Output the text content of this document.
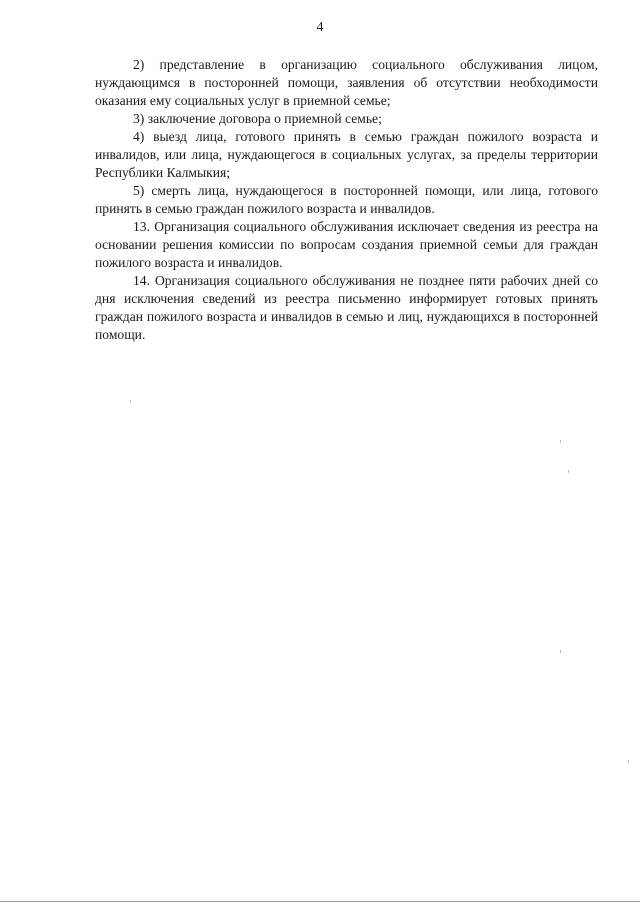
4

2) представление в организацию социального обслуживания лицом, нуждающимся в посторонней помощи, заявления об отсутствии необходимости оказания ему социальных услуг в приемной семье;

3) заключение договора о приемной семье;

4) выезд лица, готового принять в семью граждан пожилого возраста и инвалидов, или лица, нуждающегося в социальных услугах, за пределы территории Республики Калмыкия;

5) смерть лица, нуждающегося в посторонней помощи, или лица, готового принять в семью граждан пожилого возраста и инвалидов.

13. Организация социального обслуживания исключает сведения из реестра на основании решения комиссии по вопросам создания приемной семьи для граждан пожилого возраста и инвалидов.

14. Организация социального обслуживания не позднее пяти рабочих дней со дня исключения сведений из реестра письменно информирует готовых принять граждан пожилого возраста и инвалидов в семью и лиц, нуждающихся в посторонней помощи.
